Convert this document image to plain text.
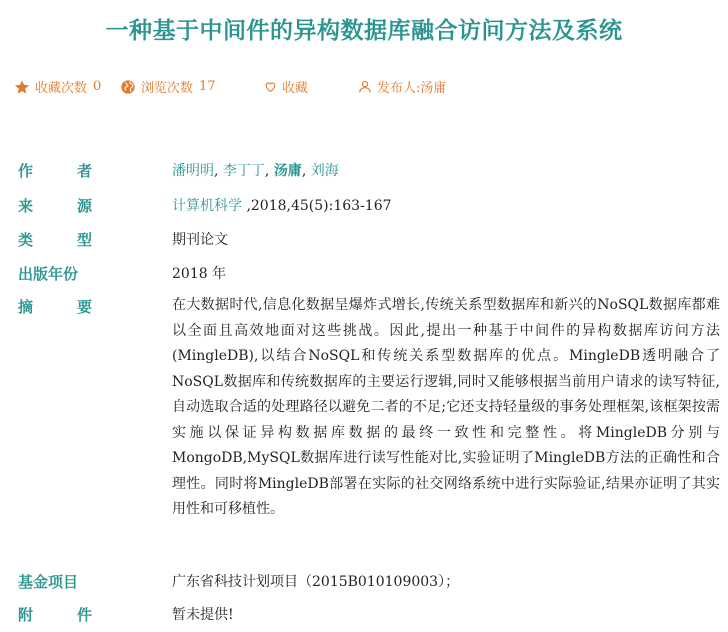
一种基于中间件的异构数据库融合访问方法及系统
收藏次数 0	浏览次数 17	收藏	发布人:汤庸
作	者	潘明明, 李丁丁, 汤庸, 刘海
来	源	计算机科学 ,2018,45(5):163-167
类	型	期刊论文
出版年份	2018 年
摘	要	在大数据时代,信息化数据呈爆炸式增长,传统关系型数据库和新兴的NoSQL数据库都难以全面且高效地面对这些挑战。因此,提出一种基于中间件的异构数据库访问方法(MingleDB),以结合NoSQL和传统关系型数据库的优点。MingleDB透明融合了NoSQL数据库和传统数据库的主要运行逻辑,同时又能够根据当前用户请求的读写特征,自动选取合适的处理路径以避免二者的不足;它还支持轻量级的事务处理框架,该框架按需实施以保证异构数据库数据的最终一致性和完整性。将MingleDB分别与MongoDB,MySQL数据库进行读写性能对比,实验证明了MingleDB方法的正确性和合理性。同时将MingleDB部署在实际的社交网络系统中进行实际验证,结果亦证明了其实用性和可移植性。
基金项目	广东省科技计划项目（2015B010109003）；
附	件	暂未提供!
